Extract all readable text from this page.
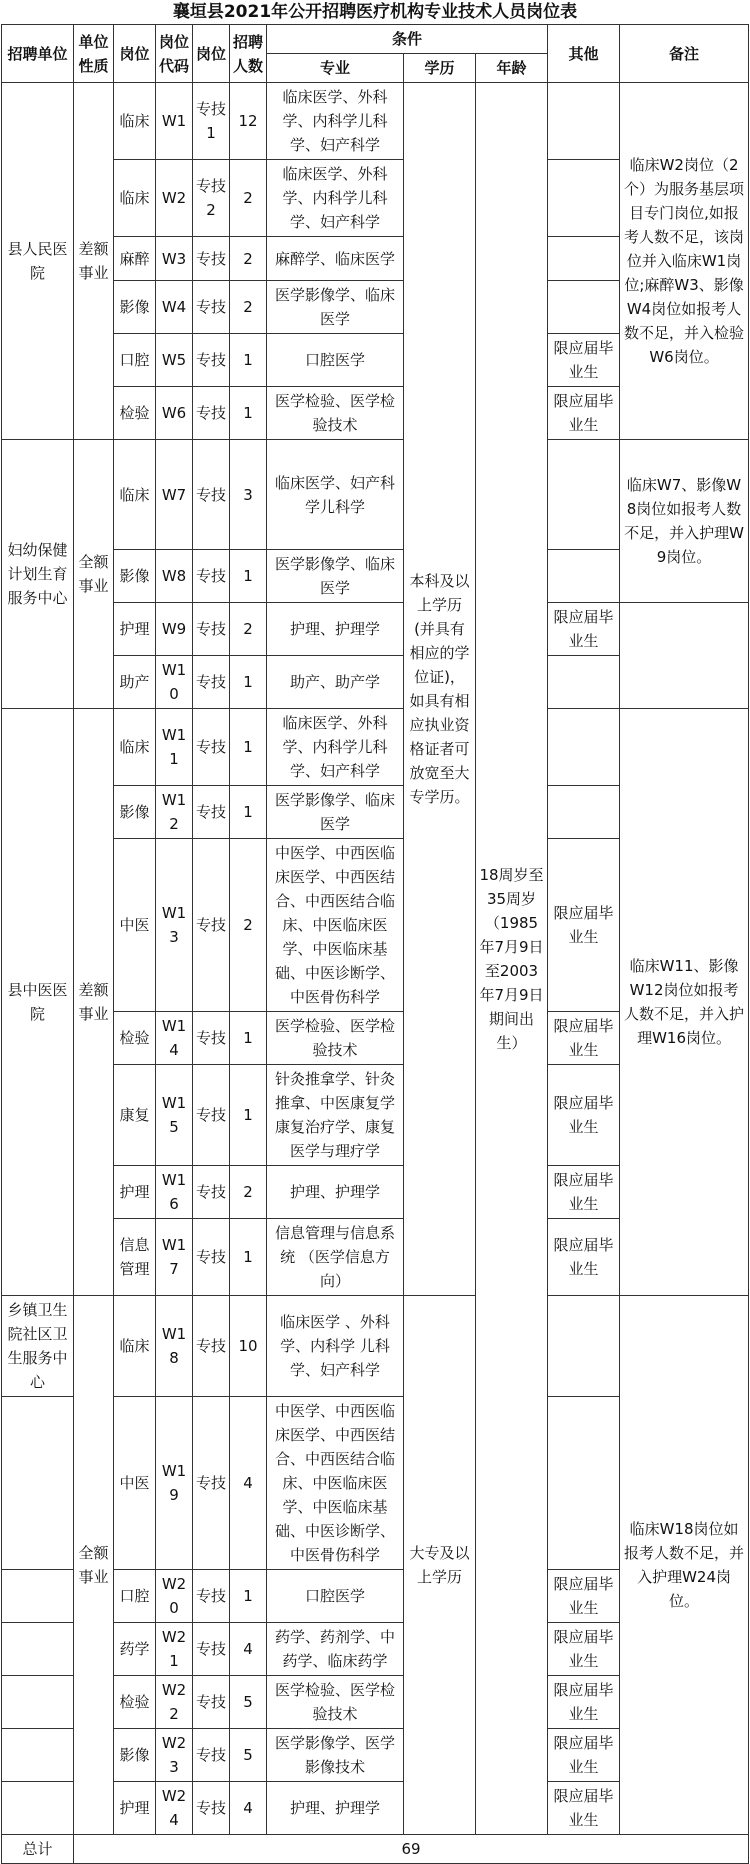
襄垣县2021年公开招聘医疗机构专业技术人员岗位表
招聘单位	单位性质	岗位	岗位代码	岗位	招聘人数	条件			其他	备注
						专业	学历	年龄		
县人民医院	差额事业	临床	W1	专技1	12	临床医学、外科学、内科学儿科学、妇产科学	本科及以上学历(并具有相应的学位证)，如具有相应执业资格证者可放宽至大专学历。	18周岁至35周岁（1985年7月9日至2003年7月9日期间出生）		临床W2岗位（2个）为服务基层项目专门岗位,如报考人数不足，该岗位并入临床W1岗位;麻醉W3、影像W4岗位如报考人数不足，并入检验W6岗位。
		临床	W2	专技2	2	临床医学、外科学、内科学儿科学、妇产科学				
		麻醉	W3	专技	2	麻醉学、临床医学				
		影像	W4	专技	2	医学影像学、临床医学				
		口腔	W5	专技	1	口腔医学			限应届毕业生	
		检验	W6	专技	1	医学检验、医学检验技术			限应届毕业生	
妇幼保健计划生育服务中心	全额事业	临床	W7	专技	3	临床医学、妇产科学儿科学				临床W7、影像W8岗位如报考人数不足，并入护理W9岗位。
		影像	W8	专技	1	医学影像学、临床医学				
		护理	W9	专技	2	护理、护理学			限应届毕业生	
		助产	W10	专技	1	助产、助产学				
县中医医院	差额事业	临床	W11	专技	1	临床医学、外科学、内科学儿科学、妇产科学				临床W11、影像W12岗位如报考人数不足，并入护理W16岗位。
		影像	W12	专技	1	医学影像学、临床医学				
		中医	W13	专技	2	中医学、中西医临床医学、中西医结合、中西医结合临床、中医临床医学、中医临床基础、中医诊断学、中医骨伤科学			限应届毕业生	
		检验	W14	专技	1	医学检验、医学检验技术			限应届毕业生	
		康复	W15	专技	1	针灸推拿学、针灸推拿、中医康复学康复治疗学、康复医学与理疗学			限应届毕业生	
		护理	W16	专技	2	护理、护理学			限应届毕业生	
		信息管理	W17	专技	1	信息管理与信息系统 （医学信息方向）			限应届毕业生	
乡镇卫生院社区卫生服务中心	全额事业	临床	W18	专技	10	临床医学 、外科学、内科学 儿科学、妇产科学	大专及以上学历			临床W18岗位如报考人数不足，并入护理W24岗位。
		中医	W19	专技	4	中医学、中西医临床医学、中西医结合、中西医结合临床、中医临床医学、中医临床基础、中医诊断学、中医骨伤科学				
		口腔	W20	专技	1	口腔医学			限应届毕业生	
		药学	W21	专技	4	药学、药剂学、中药学、临床药学			限应届毕业生	
		检验	W22	专技	5	医学检验、医学检验技术			限应届毕业生	
		影像	W23	专技	5	医学影像学、医学影像技术			限应届毕业生	
		护理	W24	专技	4	护理、护理学			限应届毕业生	
总计	69									
